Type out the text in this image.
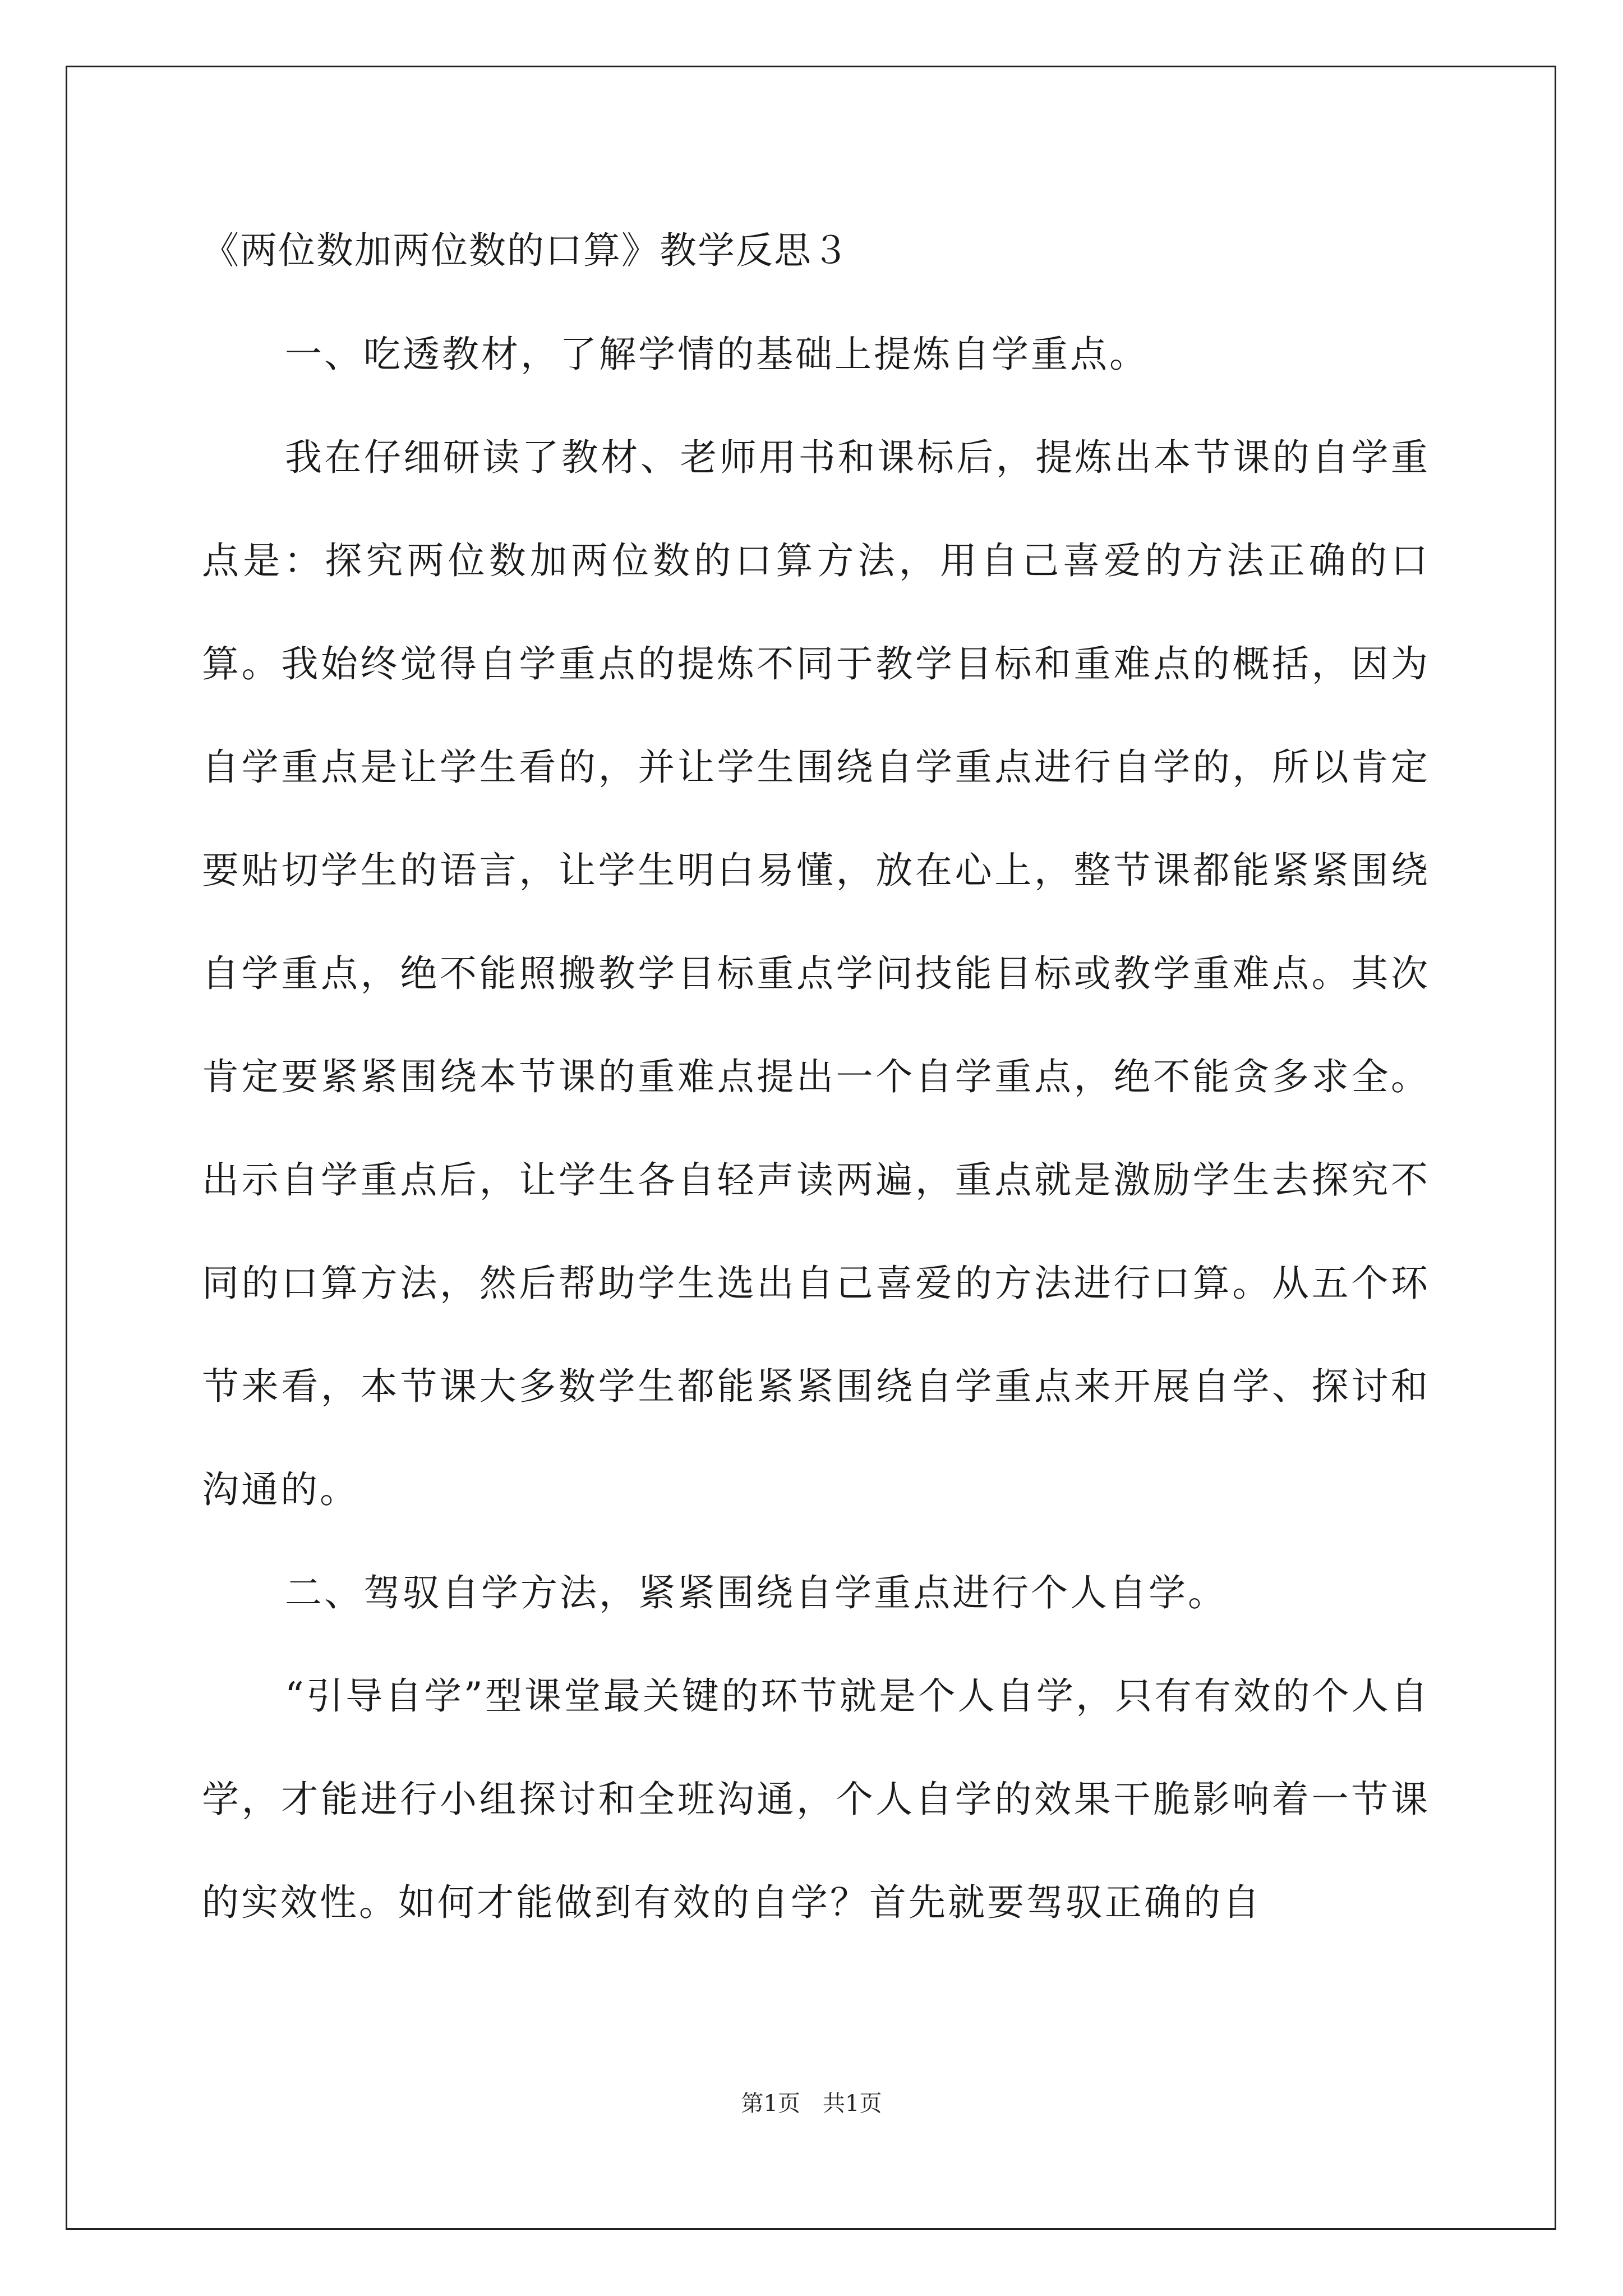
《两位数加两位数的口算》教学反思３

一、吃透教材，了解学情的基础上提炼自学重点。

我在仔细研读了教材、老师用书和课标后，提炼出本节课的自学重点是：探究两位数加两位数的口算方法，用自己喜爱的方法正确的口算。我始终觉得自学重点的提炼不同于教学目标和重难点的概括，因为自学重点是让学生看的，并让学生围绕自学重点进行自学的，所以肯定要贴切学生的语言，让学生明白易懂，放在心上，整节课都能紧紧围绕自学重点，绝不能照搬教学目标重点学问技能目标或教学重难点。其次肯定要紧紧围绕本节课的重难点提出一个自学重点，绝不能贪多求全。出示自学重点后，让学生各自轻声读两遍，重点就是激励学生去探究不同的口算方法，然后帮助学生选出自己喜爱的方法进行口算。从五个环节来看，本节课大多数学生都能紧紧围绕自学重点来开展自学、探讨和沟通的。

二、驾驭自学方法，紧紧围绕自学重点进行个人自学。

“引导自学”型课堂最关键的环节就是个人自学，只有有效的个人自学，才能进行小组探讨和全班沟通，个人自学的效果干脆影响着一节课的实效性。如何才能做到有效的自学？首先就要驾驭正确的自

第1页　共1页
